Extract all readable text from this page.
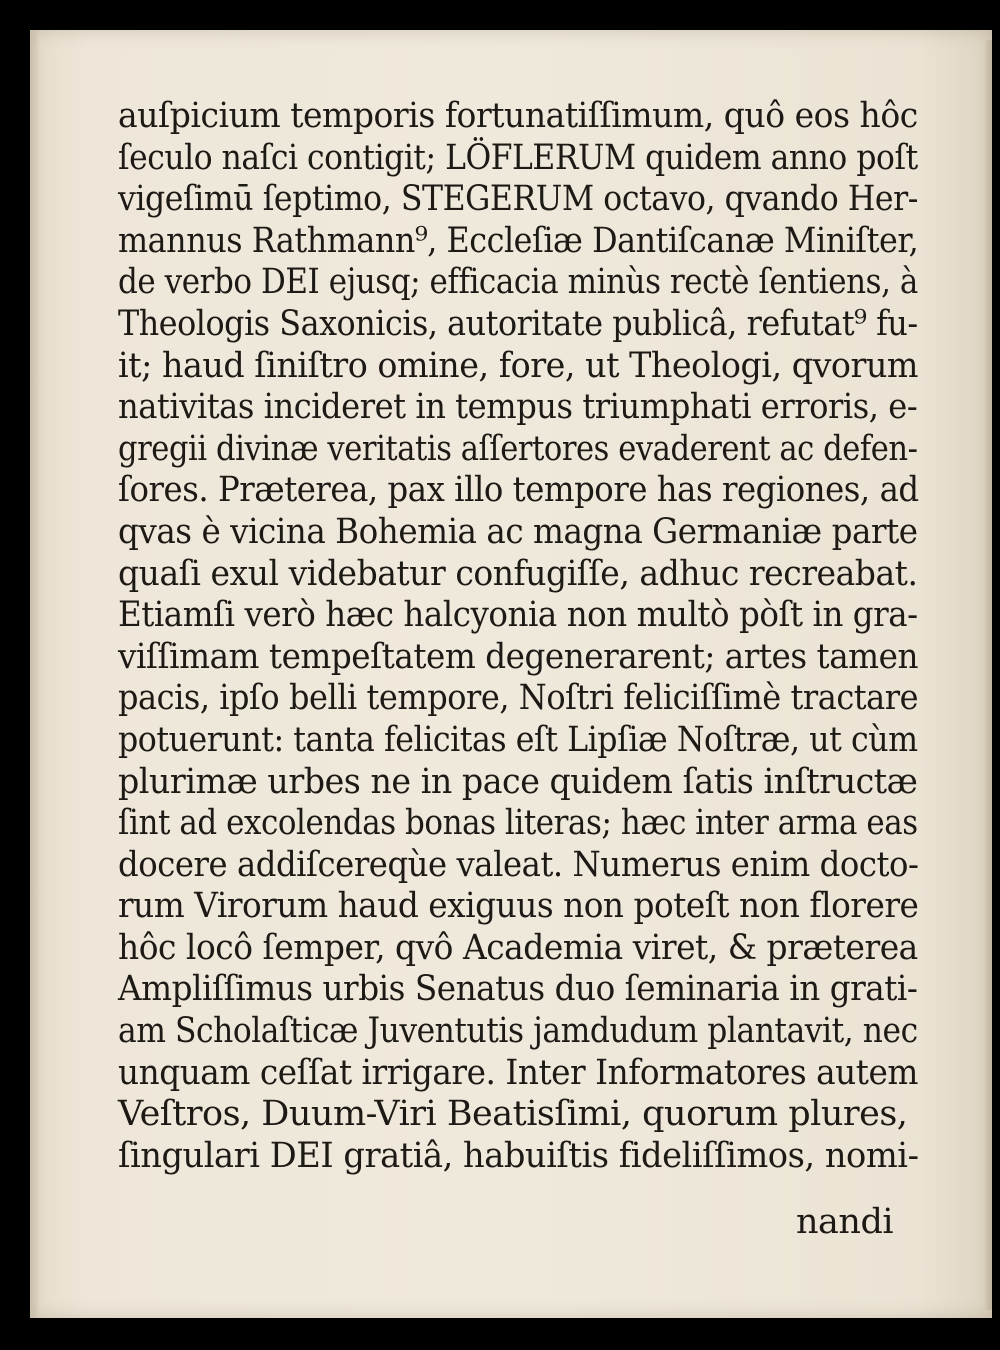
auſpicium temporis fortunatiſſimum, quô eos hôc
ſeculo naſci contigit; LÖFLERUM quidem anno poſt
vigeſimū ſeptimo, STEGERUM octavo, qvando Her-
mannus Rathmann⁹, Eccleſiæ Dantiſcanæ Miniſter,
de verbo DEI ejusq; efficacia minùs rectè ſentiens, à
Theologis Saxonicis, autoritate publicâ, refutat⁹ fu-
it; haud ſiniſtro omine, fore, ut Theologi, qvorum
nativitas incideret in tempus triumphati erroris, e-
gregii divinæ veritatis aſſertores evaderent ac defen-
ſores. Præterea, pax illo tempore has regiones, ad
qvas è vicina Bohemia ac magna Germaniæ parte
quaſi exul videbatur confugiſſe, adhuc recreabat.
Etiamſi verò hæc halcyonia non multò pòſt in gra-
viſſimam tempeſtatem degenerarent; artes tamen
pacis, ipſo belli tempore, Noſtri feliciſſimè tractare
potuerunt: tanta felicitas eſt Lipſiæ Noſtræ, ut cùm
plurimæ urbes ne in pace quidem ſatis inſtructæ
ſint ad excolendas bonas literas; hæc inter arma eas
docere addiſcereqùe valeat. Numerus enim docto-
rum Virorum haud exiguus non poteſt non florere
hôc locô ſemper, qvô Academia viret, & præterea
Ampliſſimus urbis Senatus duo ſeminaria in grati-
am Scholaſticæ Juventutis jamdudum plantavit, nec
unquam ceſſat irrigare. Inter Informatores autem
Veſtros, Duum-Viri Beatisſimi, quorum plures,
ſingulari DEI gratiâ, habuiſtis fideliſſimos, nomi-
nandi
